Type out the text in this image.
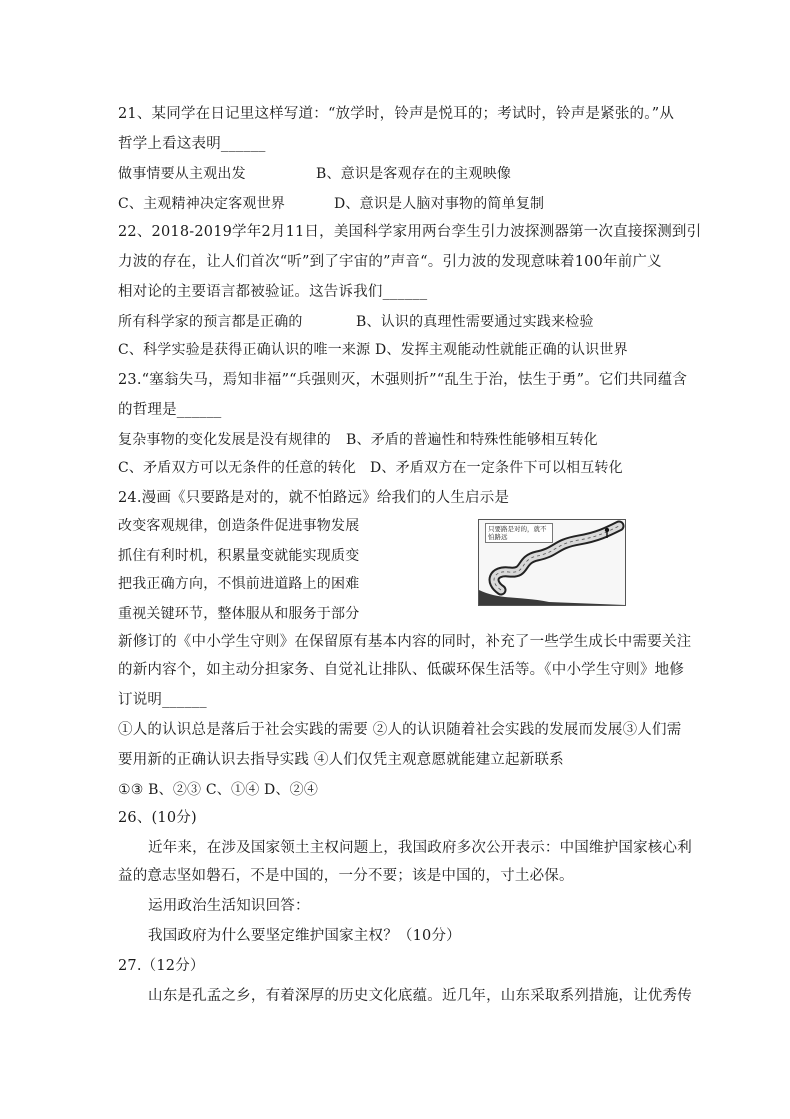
21、某同学在日记里这样写道：“放学时，铃声是悦耳的；考试时，铃声是紧张的。”从
哲学上看这表明______
做事情要从主观出发	B、意识是客观存在的主观映像
C、主观精神决定客观世界	D、意识是人脑对事物的简单复制
22、2018-2019学年2月11日，美国科学家用两台孪生引力波探测器第一次直接探测到引
力波的存在，让人们首次“听”到了宇宙的”声音“。引力波的发现意味着100年前广义
相对论的主要语言都被验证。这告诉我们______
所有科学家的预言都是正确的	B、认识的真理性需要通过实践来检验
C、科学实验是获得正确认识的唯一来源 D、发挥主观能动性就能正确的认识世界
23.“塞翁失马，焉知非福”“兵强则灭，木强则折”“乱生于治，怯生于勇”。它们共同蕴含
的哲理是______
复杂事物的变化发展是没有规律的 B、矛盾的普遍性和特殊性能够相互转化
C、矛盾双方可以无条件的任意的转化 D、矛盾双方在一定条件下可以相互转化
24.漫画《只要路是对的，就不怕路远》给我们的人生启示是
改变客观规律，创造条件促进事物发展
抓住有利时机，积累量变就能实现质变
把我正确方向，不惧前进道路上的困难
重视关键环节，整体服从和服务于部分
只要路是对的，就不怕路远
新修订的《中小学生守则》在保留原有基本内容的同时，补充了一些学生成长中需要关注
的新内容个，如主动分担家务、自觉礼让排队、低碳环保生活等。《中小学生守则》地修
订说明______
①人的认识总是落后于社会实践的需要 ②人的认识随着社会实践的发展而发展③人们需
要用新的正确认识去指导实践 ④人们仅凭主观意愿就能建立起新联系
①③ B、②③ C、①④ D、②④
26、(10分)
近年来，在涉及国家领土主权问题上，我国政府多次公开表示：中国维护国家核心利
益的意志坚如磐石，不是中国的，一分不要；该是中国的，寸土必保。
运用政治生活知识回答：
我国政府为什么要坚定维护国家主权？（10分）
27.（12分）
山东是孔孟之乡，有着深厚的历史文化底蕴。近几年，山东采取系列措施，让优秀传
